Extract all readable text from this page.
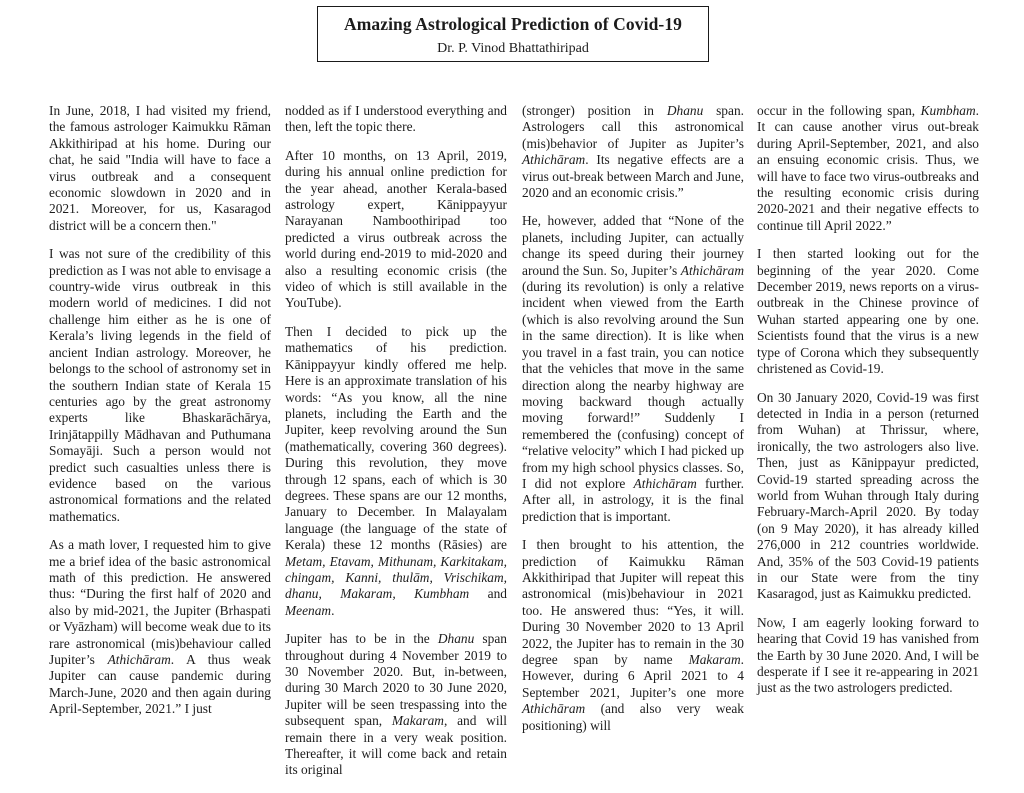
Amazing Astrological Prediction of Covid-19
Dr. P. Vinod Bhattathiripad

In June, 2018, I had visited my friend, the famous astrologer Kaimukku Rāman Akkithiripad at his home. During our chat, he said "India will have to face a virus outbreak and a consequent economic slowdown in 2020 and in 2021. Moreover, for us, Kasaragod district will be a concern then."

I was not sure of the credibility of this prediction as I was not able to envisage a country-wide virus outbreak in this modern world of medicines. I did not challenge him either as he is one of Kerala’s living legends in the field of ancient Indian astrology. Moreover, he belongs to the school of astronomy set in the southern Indian state of Kerala 15 centuries ago by the great astronomy experts like Bhaskarāchārya, Irinjātappilly Mādhavan and Puthumana Somayāji. Such a person would not predict such casualties unless there is evidence based on the various astronomical formations and the related mathematics.

As a math lover, I requested him to give me a brief idea of the basic astronomical math of this prediction. He answered thus: “During the first half of 2020 and also by mid-2021, the Jupiter (Brhaspati or Vyāzham) will become weak due to its rare astronomical (mis)behaviour called Jupiter’s Athichāram. A thus weak Jupiter can cause pandemic during March-June, 2020 and then again during April-September, 2021.” I just

nodded as if I understood everything and then, left the topic there.

After 10 months, on 13 April, 2019, during his annual online prediction for the year ahead, another Kerala-based astrology expert, Kānippayyur Narayanan Namboothiripad too predicted a virus outbreak across the world during end-2019 to mid-2020 and also a resulting economic crisis (the video of which is still available in the YouTube).

Then I decided to pick up the mathematics of his prediction. Kānippayyur kindly offered me help. Here is an approximate translation of his words: “As you know, all the nine planets, including the Earth and the Jupiter, keep revolving around the Sun (mathematically, covering 360 degrees). During this revolution, they move through 12 spans, each of which is 30 degrees. These spans are our 12 months, January to December. In Malayalam language (the language of the state of Kerala) these 12 months (Rāsies) are Metam, Etavam, Mithunam, Karkitakam, chingam, Kanni, thulām, Vrischikam, dhanu, Makaram, Kumbham and Meenam.

Jupiter has to be in the Dhanu span throughout during 4 November 2019 to 30 November 2020. But, in-between, during 30 March 2020 to 30 June 2020, Jupiter will be seen trespassing into the subsequent span, Makaram, and will remain there in a very weak position. Thereafter, it will come back and retain its original

(stronger) position in Dhanu span. Astrologers call this astronomical (mis)behavior of Jupiter as Jupiter’s Athichāram. Its negative effects are a virus out-break between March and June, 2020 and an economic crisis.”

He, however, added that “None of the planets, including Jupiter, can actually change its speed during their journey around the Sun. So, Jupiter’s Athichāram (during its revolution) is only a relative incident when viewed from the Earth (which is also revolving around the Sun in the same direction). It is like when you travel in a fast train, you can notice that the vehicles that move in the same direction along the nearby highway are moving backward though actually moving forward!” Suddenly I remembered the (confusing) concept of “relative velocity” which I had picked up from my high school physics classes. So, I did not explore Athichāram further. After all, in astrology, it is the final prediction that is important.

I then brought to his attention, the prediction of Kaimukku Rāman Akkithiripad that Jupiter will repeat this astronomical (mis)behaviour in 2021 too. He answered thus: “Yes, it will. During 30 November 2020 to 13 April 2022, the Jupiter has to remain in the 30 degree span by name Makaram. However, during 6 April 2021 to 4 September 2021, Jupiter’s one more Athichāram (and also very weak positioning) will

occur in the following span, Kumbham. It can cause another virus out-break during April-September, 2021, and also an ensuing economic crisis. Thus, we will have to face two virus-outbreaks and the resulting economic crisis during 2020-2021 and their negative effects to continue till April 2022.”

I then started looking out for the beginning of the year 2020. Come December 2019, news reports on a virus-outbreak in the Chinese province of Wuhan started appearing one by one. Scientists found that the virus is a new type of Corona which they subsequently christened as Covid-19.

On 30 January 2020, Covid-19 was first detected in India in a person (returned from Wuhan) at Thrissur, where, ironically, the two astrologers also live. Then, just as Kānippayur predicted, Covid-19 started spreading across the world from Wuhan through Italy during February-March-April 2020. By today (on 9 May 2020), it has already killed 276,000 in 212 countries worldwide. And, 35% of the 503 Covid-19 patients in our State were from the tiny Kasaragod, just as Kaimukku predicted.

Now, I am eagerly looking forward to hearing that Covid 19 has vanished from the Earth by 30 June 2020. And, I will be desperate if I see it re-appearing in 2021 just as the two astrologers predicted.
